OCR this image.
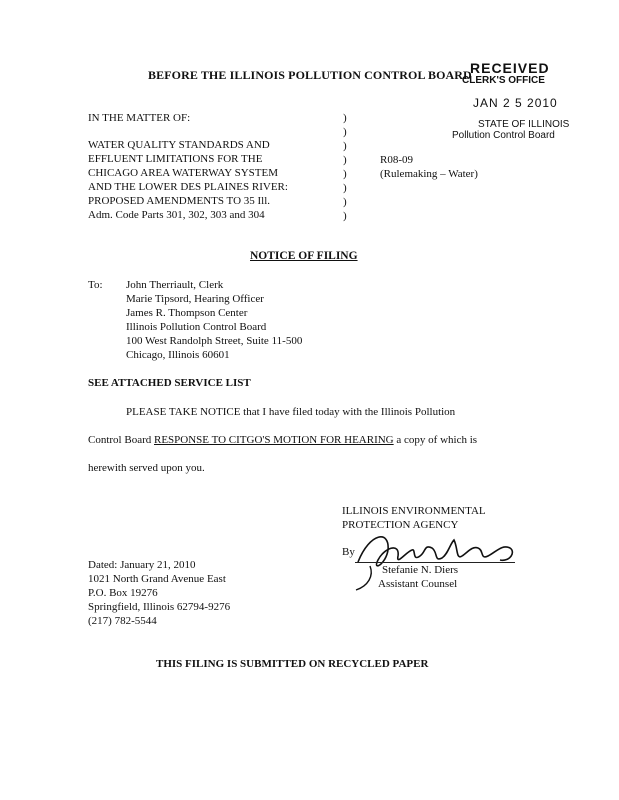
BEFORE THE ILLINOIS POLLUTION CONTROL BOARD
RECEIVED
CLERK'S OFFICE
JAN 2 5 2010
STATE OF ILLINOIS
Pollution Control Board
IN THE MATTER OF:
WATER QUALITY STANDARDS AND
EFFLUENT LIMITATIONS FOR THE
CHICAGO AREA WATERWAY SYSTEM
AND THE LOWER DES PLAINES RIVER:
PROPOSED AMENDMENTS TO 35 Ill.
Adm. Code Parts 301, 302, 303 and 304
)
)
)
)
)
)
)
)
R08-09
(Rulemaking – Water)
NOTICE OF FILING
To: John Therriault, Clerk
Marie Tipsord, Hearing Officer
James R. Thompson Center
Illinois Pollution Control Board
100 West Randolph Street, Suite 11-500
Chicago, Illinois 60601
SEE ATTACHED SERVICE LIST
PLEASE TAKE NOTICE that I have filed today with the Illinois Pollution
Control Board RESPONSE TO CITGO'S MOTION FOR HEARING a copy of which is
herewith served upon you.
ILLINOIS ENVIRONMENTAL
PROTECTION AGENCY
By
Stefanie N. Diers
Assistant Counsel
Dated: January 21, 2010
1021 North Grand Avenue East
P.O. Box 19276
Springfield, Illinois 62794-9276
(217) 782-5544
THIS FILING IS SUBMITTED ON RECYCLED PAPER
